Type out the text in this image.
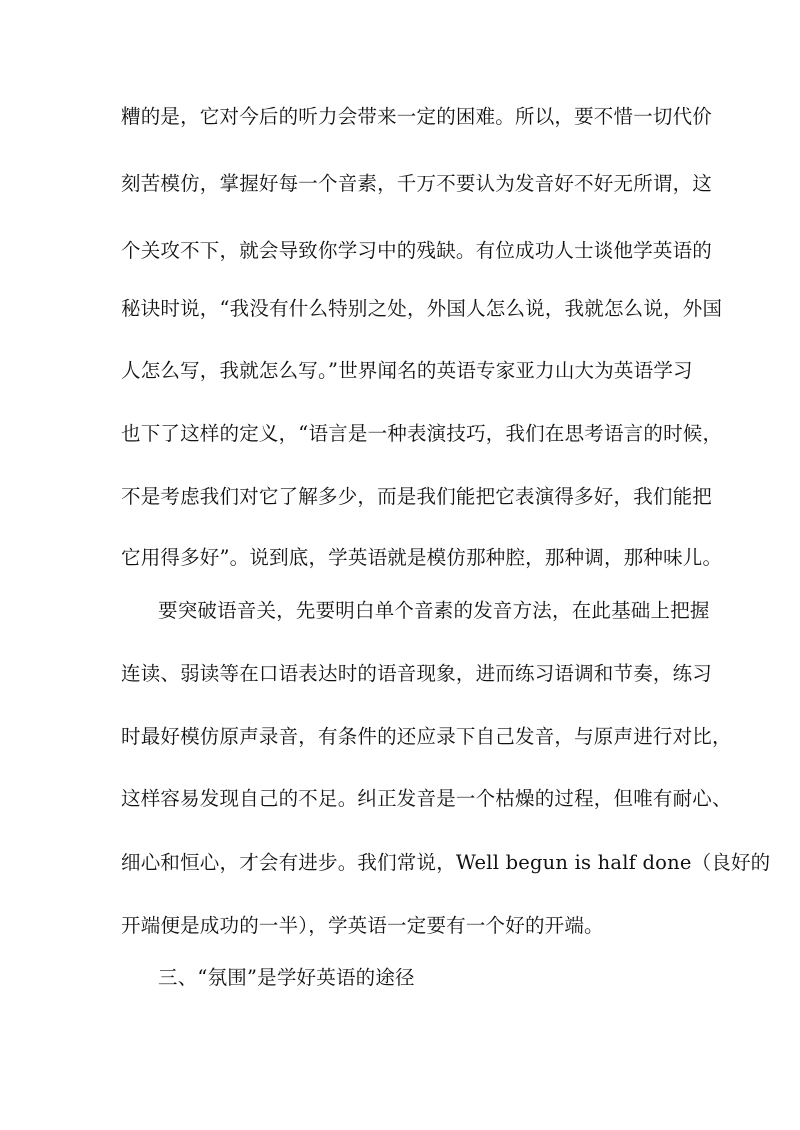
糟的是，它对今后的听力会带来一定的困难。所以，要不惜一切代价
刻苦模仿，掌握好每一个音素，千万不要认为发音好不好无所谓，这
个关攻不下，就会导致你学习中的残缺。有位成功人士谈他学英语的
秘诀时说，“我没有什么特别之处，外国人怎么说，我就怎么说，外国
人怎么写，我就怎么写。”世界闻名的英语专家亚力山大为英语学习
也下了这样的定义，“语言是一种表演技巧，我们在思考语言的时候，
不是考虑我们对它了解多少，而是我们能把它表演得多好，我们能把
它用得多好”。说到底，学英语就是模仿那种腔，那种调，那种味儿。
要突破语音关，先要明白单个音素的发音方法，在此基础上把握
连读、弱读等在口语表达时的语音现象，进而练习语调和节奏，练习
时最好模仿原声录音，有条件的还应录下自己发音，与原声进行对比，
这样容易发现自己的不足。纠正发音是一个枯燥的过程，但唯有耐心、
细心和恒心，才会有进步。我们常说，Well begun is half done（良好的
开端便是成功的一半），学英语一定要有一个好的开端。
三、“氛围”是学好英语的途径
